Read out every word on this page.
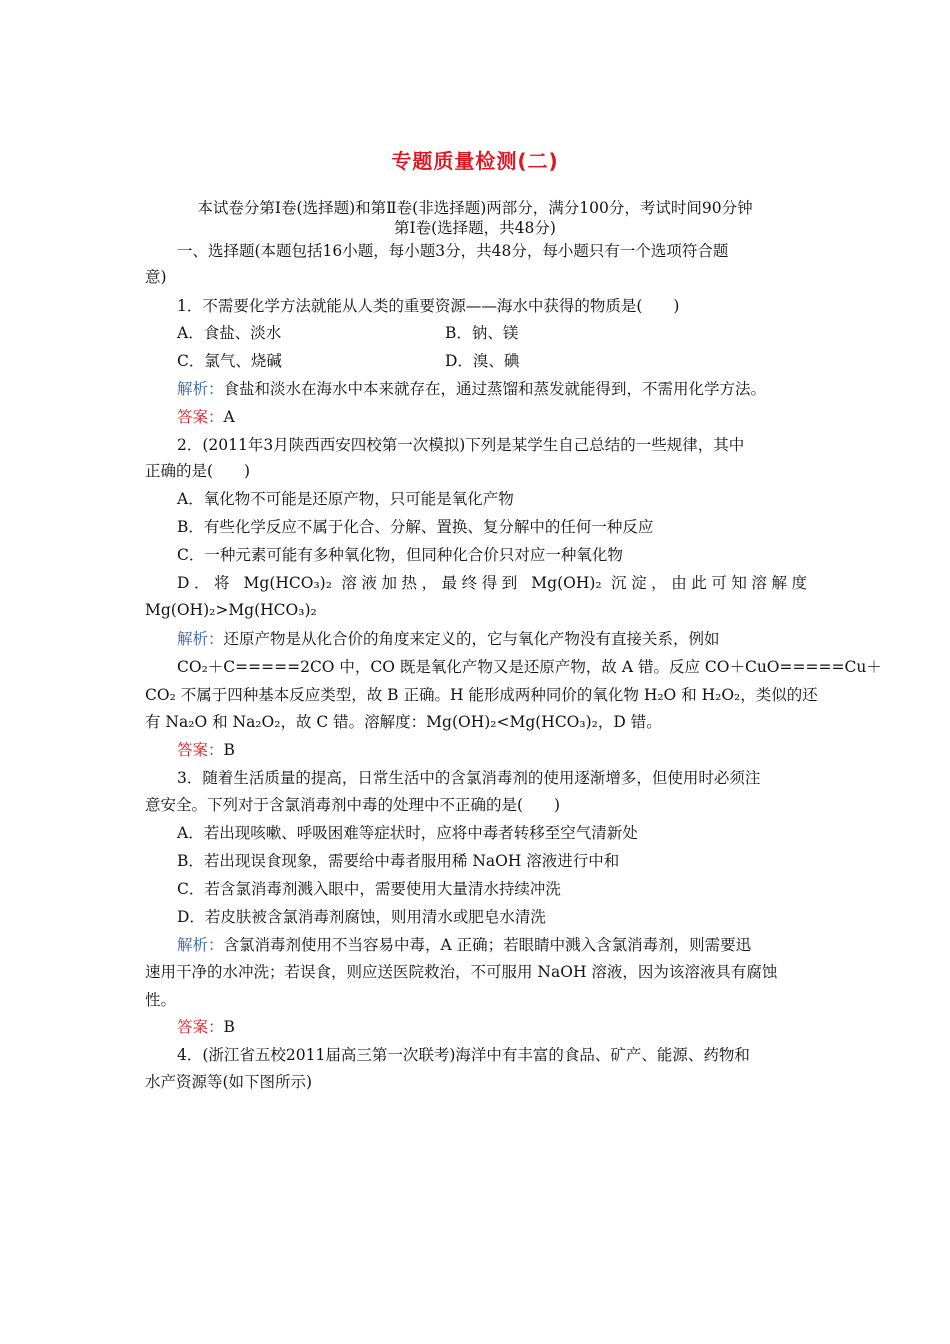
专题质量检测(二)
本试卷分第Ⅰ卷(选择题)和第Ⅱ卷(非选择题)两部分，满分100分，考试时间90分钟
第Ⅰ卷(选择题，共48分)
一、选择题(本题包括16小题，每小题3分，共48分，每小题只有一个选项符合题
意)
1．不需要化学方法就能从人类的重要资源——海水中获得的物质是(　　)
A．食盐、淡水	B．钠、镁
C．氯气、烧碱	D．溴、碘
解析：食盐和淡水在海水中本来就存在，通过蒸馏和蒸发就能得到，不需用化学方法。
答案：A
2．(2011年3月陕西西安四校第一次模拟)下列是某学生自己总结的一些规律，其中
正确的是(　　)
A．氧化物不可能是还原产物，只可能是氧化产物
B．有些化学反应不属于化合、分解、置换、复分解中的任何一种反应
C．一种元素可能有多种氧化物，但同种化合价只对应一种氧化物
D．将 Mg(HCO₃)₂ 溶液加热，最终得到 Mg(OH)₂ 沉淀，由此可知溶解度
Mg(OH)₂>Mg(HCO₃)₂
解析：还原产物是从化合价的角度来定义的，它与氧化产物没有直接关系，例如
CO₂＋C=====2CO 中，CO 既是氧化产物又是还原产物，故 A 错。反应 CO＋CuO=====Cu＋
CO₂ 不属于四种基本反应类型，故 B 正确。H 能形成两种同价的氧化物 H₂O 和 H₂O₂，类似的还
有 Na₂O 和 Na₂O₂，故 C 错。溶解度：Mg(OH)₂<Mg(HCO₃)₂，D 错。
答案：B
3．随着生活质量的提高，日常生活中的含氯消毒剂的使用逐渐增多，但使用时必须注
意安全。下列对于含氯消毒剂中毒的处理中不正确的是(　　)
A．若出现咳嗽、呼吸困难等症状时，应将中毒者转移至空气清新处
B．若出现误食现象，需要给中毒者服用稀 NaOH 溶液进行中和
C．若含氯消毒剂溅入眼中，需要使用大量清水持续冲洗
D．若皮肤被含氯消毒剂腐蚀，则用清水或肥皂水清洗
解析：含氯消毒剂使用不当容易中毒，A 正确；若眼睛中溅入含氯消毒剂，则需要迅
速用干净的水冲洗；若误食，则应送医院救治，不可服用 NaOH 溶液，因为该溶液具有腐蚀
性。
答案：B
4．(浙江省五校2011届高三第一次联考)海洋中有丰富的食品、矿产、能源、药物和
水产资源等(如下图所示)
